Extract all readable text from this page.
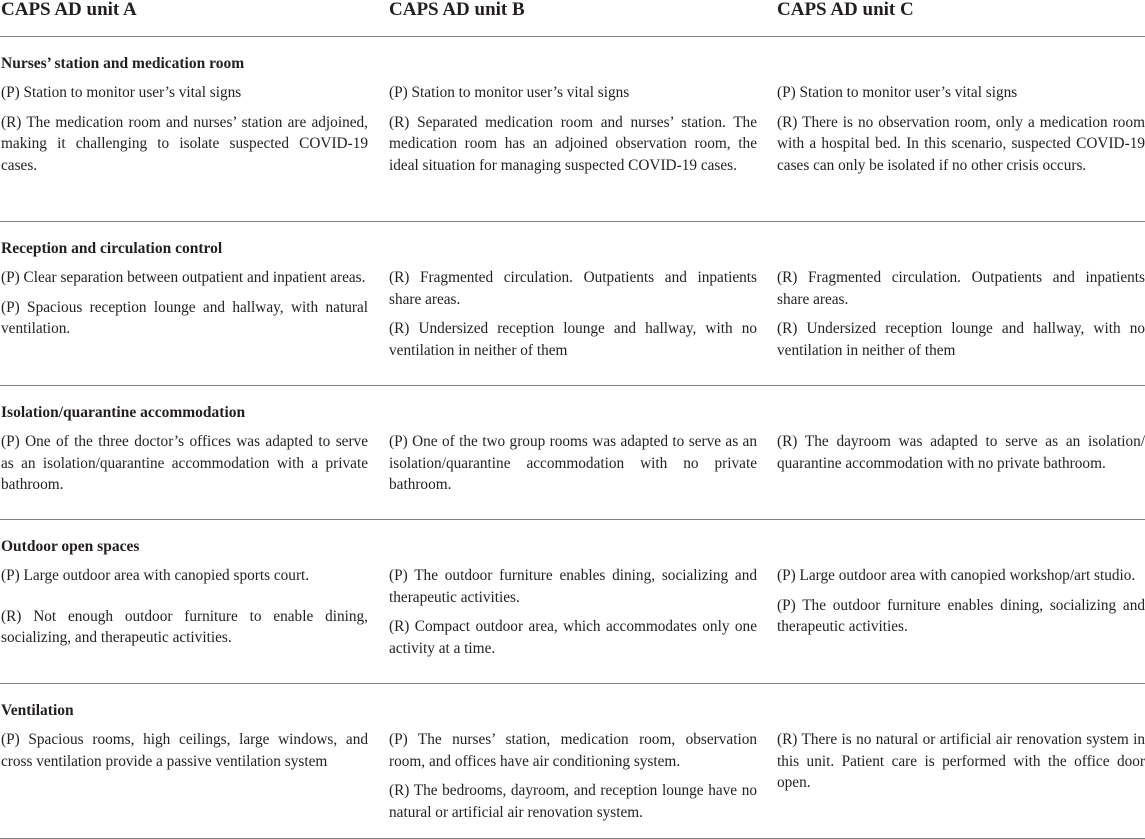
CAPS AD unit A	CAPS AD unit B	CAPS AD unit C
Nurses’ station and medication room

(P) Station to monitor user’s vital signs

(R) The medication room and nurses’ station are adjoined, making it challenging to isolate suspected COVID-19 cases.

(P) Station to monitor user’s vital signs

(R) Separated medication room and nurses’ station. The medication room has an adjoined observation room, the ideal situation for managing suspected COVID-19 cases.

(P) Station to monitor user’s vital signs

(R) There is no observation room, only a medication room with a hospital bed. In this scenario, suspected COVID-19 cases can only be isolated if no other crisis occurs.

Reception and circulation control

(P) Clear separation between outpatient and inpatient areas.

(P) Spacious reception lounge and hallway, with natural ventilation.

(R) Fragmented circulation. Outpatients and inpatients share areas.

(R) Undersized reception lounge and hallway, with no ventilation in neither of them

(R) Fragmented circulation. Outpatients and inpatients share areas.

(R) Undersized reception lounge and hallway, with no ventilation in neither of them

Isolation/quarantine accommodation

(P) One of the three doctor’s offices was adapted to serve as an isolation/quarantine accommodation with a private bathroom.

(P) One of the two group rooms was adapted to serve as an isolation/quarantine accommodation with no private bathroom.

(R) The dayroom was adapted to serve as an isolation/ quarantine accommodation with no private bathroom.

Outdoor open spaces

(P) Large outdoor area with canopied sports court.

(R) Not enough outdoor furniture to enable dining, socializing, and therapeutic activities.

(P) The outdoor furniture enables dining, socializing and therapeutic activities.

(R) Compact outdoor area, which accommodates only one activity at a time.

(P) Large outdoor area with canopied workshop/art studio.

(P) The outdoor furniture enables dining, socializing and therapeutic activities.

Ventilation

(P) Spacious rooms, high ceilings, large windows, and cross ventilation provide a passive ventilation system

(P) The nurses’ station, medication room, observation room, and offices have air conditioning system.

(R) The bedrooms, dayroom, and reception lounge have no natural or artificial air renovation system.

(R) There is no natural or artificial air renovation system in this unit. Patient care is performed with the office door open.
